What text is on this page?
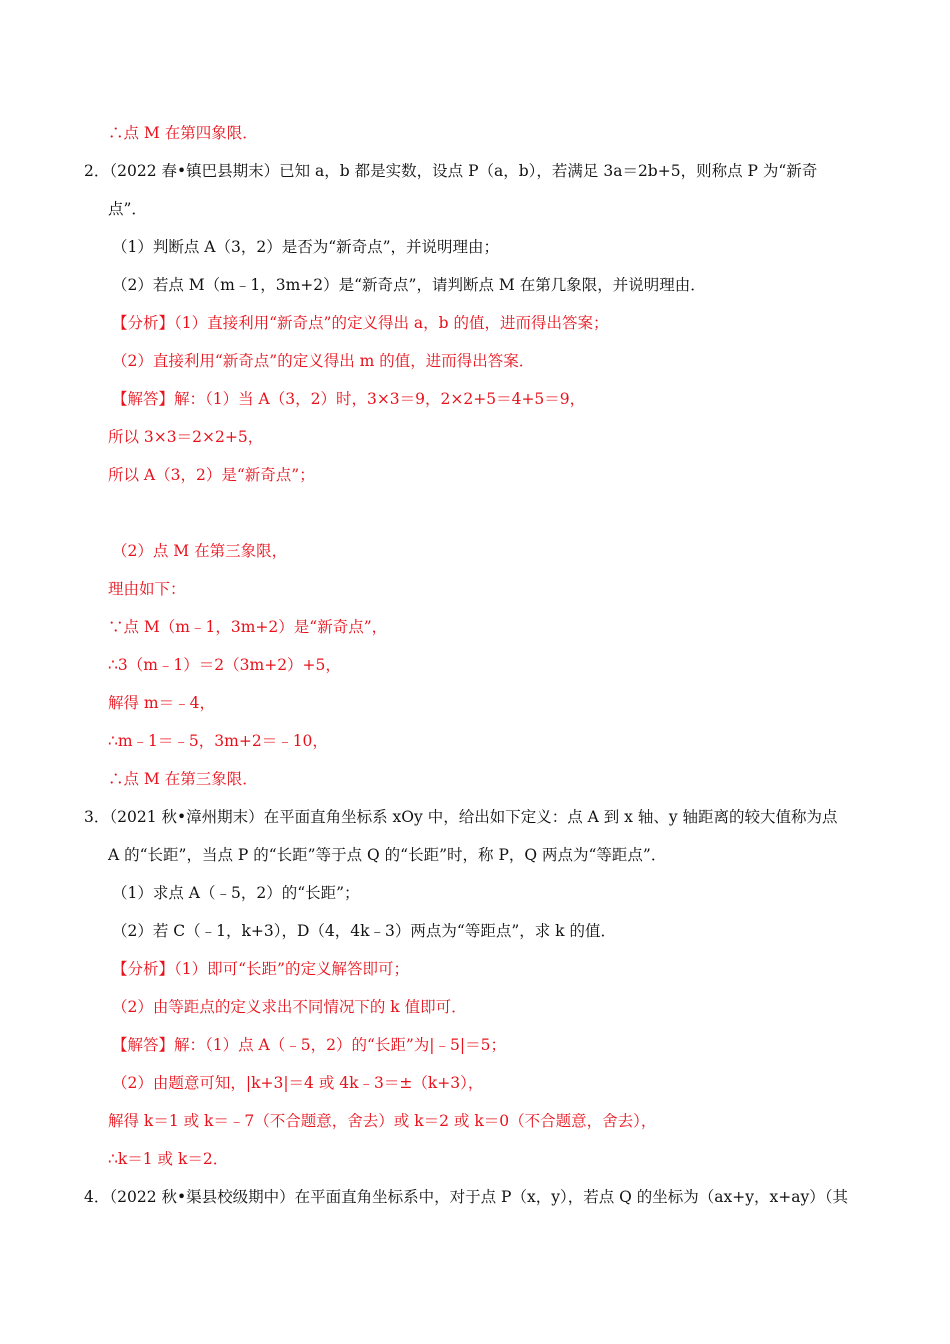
∴点 M 在第四象限．
2．（2022 春•镇巴县期末）已知 a，b 都是实数，设点 P（a，b），若满足 3a＝2b+5，则称点 P 为“新奇
点”．
（1）判断点 A（3，2）是否为“新奇点”，并说明理由；
（2）若点 M（m﹣1，3m+2）是“新奇点”，请判断点 M 在第几象限，并说明理由．
【分析】（1）直接利用“新奇点”的定义得出 a，b 的值，进而得出答案；
（2）直接利用“新奇点”的定义得出 m 的值，进而得出答案．
【解答】解：（1）当 A（3，2）时，3×3＝9，2×2+5＝4+5＝9，
所以 3×3＝2×2+5，
所以 A（3，2）是“新奇点”；
（2）点 M 在第三象限，
理由如下：
∵点 M（m﹣1，3m+2）是“新奇点”，
∴3（m﹣1）＝2（3m+2）+5，
解得 m＝﹣4，
∴m﹣1＝﹣5，3m+2＝﹣10，
∴点 M 在第三象限．
3．（2021 秋•漳州期末）在平面直角坐标系 xOy 中，给出如下定义：点 A 到 x 轴、y 轴距离的较大值称为点
A 的“长距”，当点 P 的“长距”等于点 Q 的“长距”时，称 P，Q 两点为“等距点”．
（1）求点 A（﹣5，2）的“长距”；
（2）若 C（﹣1，k+3），D（4，4k﹣3）两点为“等距点”，求 k 的值．
【分析】（1）即可“长距”的定义解答即可；
（2）由等距点的定义求出不同情况下的 k 值即可．
【解答】解：（1）点 A（﹣5，2）的“长距”为|﹣5|＝5；
（2）由题意可知，|k+3|＝4 或 4k﹣3＝±（k+3），
解得 k＝1 或 k＝﹣7（不合题意，舍去）或 k＝2 或 k＝0（不合题意，舍去），
∴k＝1 或 k＝2．
4．（2022 秋•渠县校级期中）在平面直角坐标系中，对于点 P（x，y），若点 Q 的坐标为（ax+y，x+ay）（其
